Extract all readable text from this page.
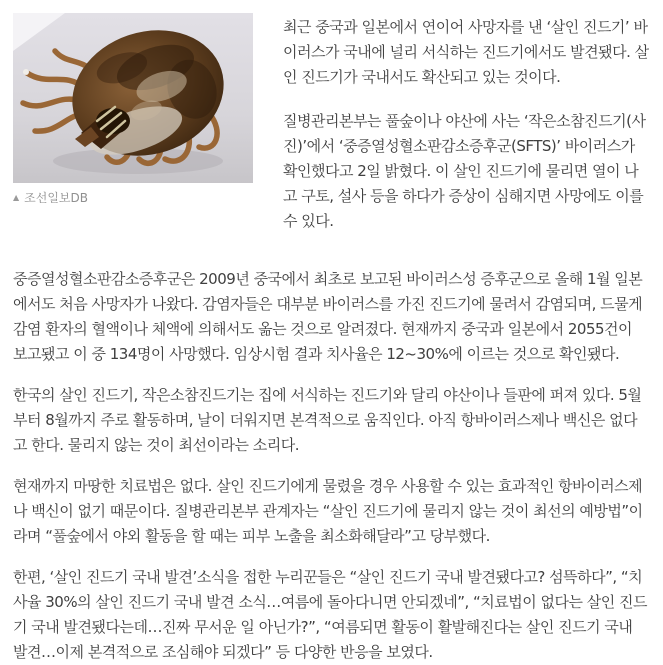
▲ 조선일보DB

최근 중국과 일본에서 연이어 사망자를 낸 ‘살인 진드기’ 바이러스가 국내에 널리 서식하는 진드기에서도 발견됐다. 살인 진드기가 국내서도 확산되고 있는 것이다.

질병관리본부는 풀숲이나 야산에 사는 ‘작은소참진드기(사진)’에서 ‘중증열성혈소판감소증후군(SFTS)’ 바이러스가 확인했다고 2일 밝혔다. 이 살인 진드기에 물리면 열이 나고 구토, 설사 등을 하다가 증상이 심해지면 사망에도 이를 수 있다.

중증열성혈소판감소증후군은 2009년 중국에서 최초로 보고된 바이러스성 증후군으로 올해 1월 일본에서도 처음 사망자가 나왔다. 감염자들은 대부분 바이러스를 가진 진드기에 물려서 감염되며, 드물게 감염 환자의 혈액이나 체액에 의해서도 옮는 것으로 알려졌다. 현재까지 중국과 일본에서 2055건이 보고됐고 이 중 134명이 사망했다. 임상시험 결과 치사율은 12~30%에 이르는 것으로 확인됐다.

한국의 살인 진드기, 작은소참진드기는 집에 서식하는 진드기와 달리 야산이나 들판에 퍼져 있다. 5월부터 8월까지 주로 활동하며, 날이 더워지면 본격적으로 움직인다. 아직 항바이러스제나 백신은 없다고 한다. 물리지 않는 것이 최선이라는 소리다.

현재까지 마땅한 치료법은 없다. 살인 진드기에게 물렸을 경우 사용할 수 있는 효과적인 항바이러스제나 백신이 없기 때문이다. 질병관리본부 관계자는 “살인 진드기에 물리지 않는 것이 최선의 예방법”이라며 “풀숲에서 야외 활동을 할 때는 피부 노출을 최소화해달라”고 당부했다.

한편, ‘살인 진드기 국내 발견’소식을 접한 누리꾼들은 “살인 진드기 국내 발견됐다고? 섬뜩하다”, “치사율 30%의 살인 진드기 국내 발견 소식…여름에 돌아다니면 안되겠네”, “치료법이 없다는 살인 진드기 국내 발견됐다는데…진짜 무서운 일 아닌가?”, “여름되면 활동이 활발해진다는 살인 진드기 국내 발견…이제 본격적으로 조심해야 되겠다” 등 다양한 반응을 보였다.
